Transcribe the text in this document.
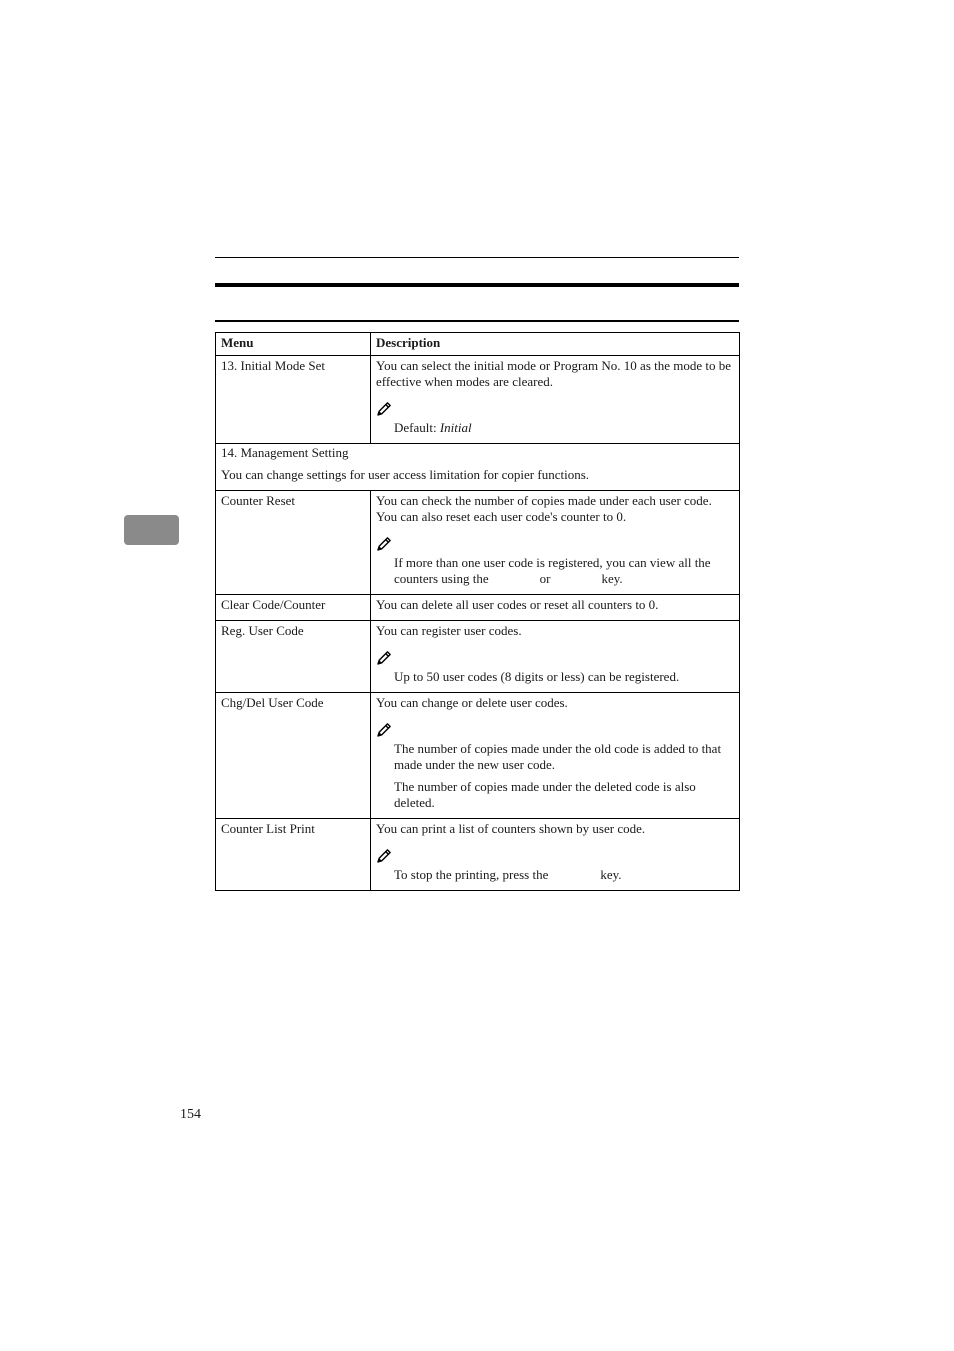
Menu	Description
13. Initial Mode Set	You can select the initial mode or Program No. 10 as the mode to be effective when modes are cleared.
Default: Initial

14. Management Setting

You can change settings for user access limitation for copier functions.	

Counter Reset	You can check the number of copies made under each user code. You can also reset each user code's counter to 0.
If more than one user code is registered, you can view all the counters using the or key.

Clear Code/Counter	You can delete all user codes or reset all counters to 0.
Reg. User Code	You can register user codes.
Up to 50 user codes (8 digits or less) can be registered.

Chg/Del User Code	You can change or delete user codes.
The number of copies made under the old code is added to that made under the new user code.
The number of copies made under the deleted code is also deleted.

Counter List Print	You can print a list of counters shown by user code.
To stop the printing, press the key.
154
